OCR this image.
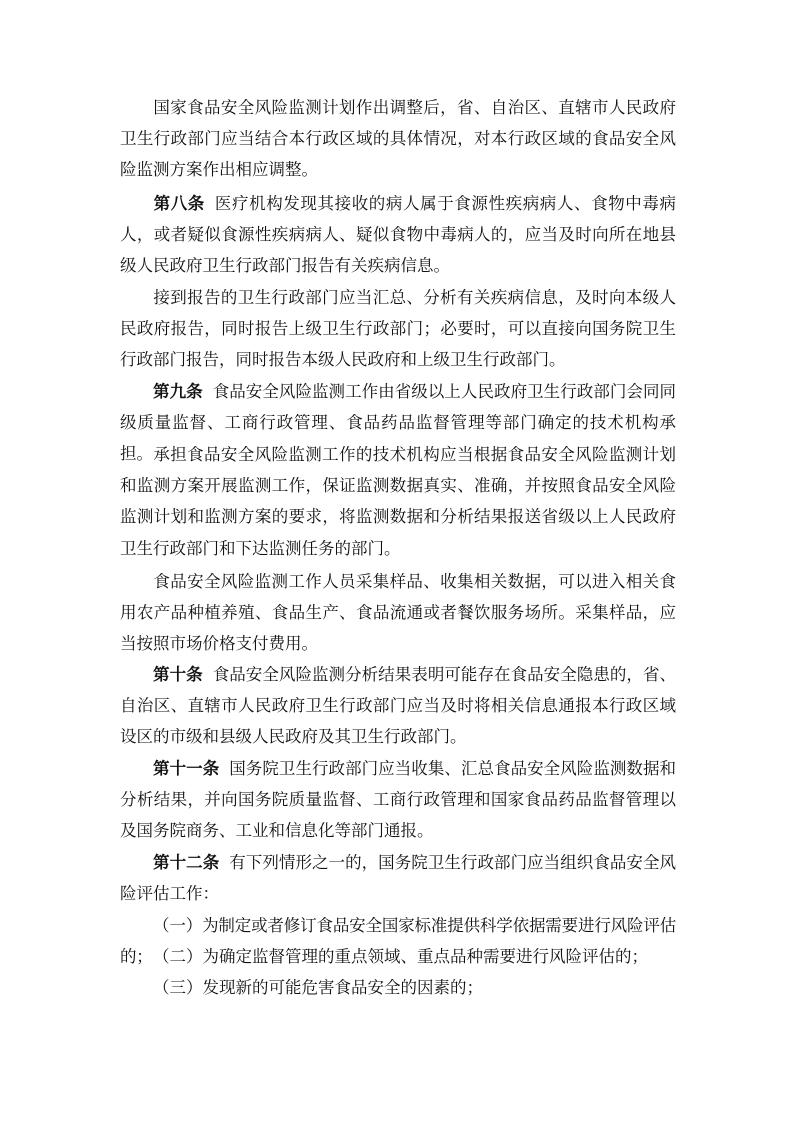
国家食品安全风险监测计划作出调整后，省、自治区、直辖市人民政府卫生行政部门应当结合本行政区域的具体情况，对本行政区域的食品安全风险监测方案作出相应调整。

第八条 医疗机构发现其接收的病人属于食源性疾病病人、食物中毒病人，或者疑似食源性疾病病人、疑似食物中毒病人的，应当及时向所在地县级人民政府卫生行政部门报告有关疾病信息。

接到报告的卫生行政部门应当汇总、分析有关疾病信息，及时向本级人民政府报告，同时报告上级卫生行政部门；必要时，可以直接向国务院卫生行政部门报告，同时报告本级人民政府和上级卫生行政部门。

第九条 食品安全风险监测工作由省级以上人民政府卫生行政部门会同同级质量监督、工商行政管理、食品药品监督管理等部门确定的技术机构承担。 承担食品安全风险监测工作的技术机构应当根据食品安全风险监测计划和监测方案开展监测工作，保证监测数据真实、准确，并按照食品安全风险监测计划和监测方案的要求，将监测数据和分析结果报送省级以上人民政府卫生行政部门和下达监测任务的部门。

食品安全风险监测工作人员采集样品、收集相关数据，可以进入相关食用农产品种植养殖、食品生产、食品流通或者餐饮服务场所。采集样品，应当按照市场价格支付费用。

第十条 食品安全风险监测分析结果表明可能存在食品安全隐患的，省、自治区、直辖市人民政府卫生行政部门应当及时将相关信息通报本行政区域设区的市级和县级人民政府及其卫生行政部门。

第十一条 国务院卫生行政部门应当收集、汇总食品安全风险监测数据和分析结果，并向国务院质量监督、工商行政管理和国家食品药品监督管理以及国务院商务、工业和信息化等部门通报。

第十二条 有下列情形之一的，国务院卫生行政部门应当组织食品安全风险评估工作：

（一）为制定或者修订食品安全国家标准提供科学依据需要进行风险评估的； （二）为确定监督管理的重点领域、重点品种需要进行风险评估的；

（三）发现新的可能危害食品安全的因素的；
